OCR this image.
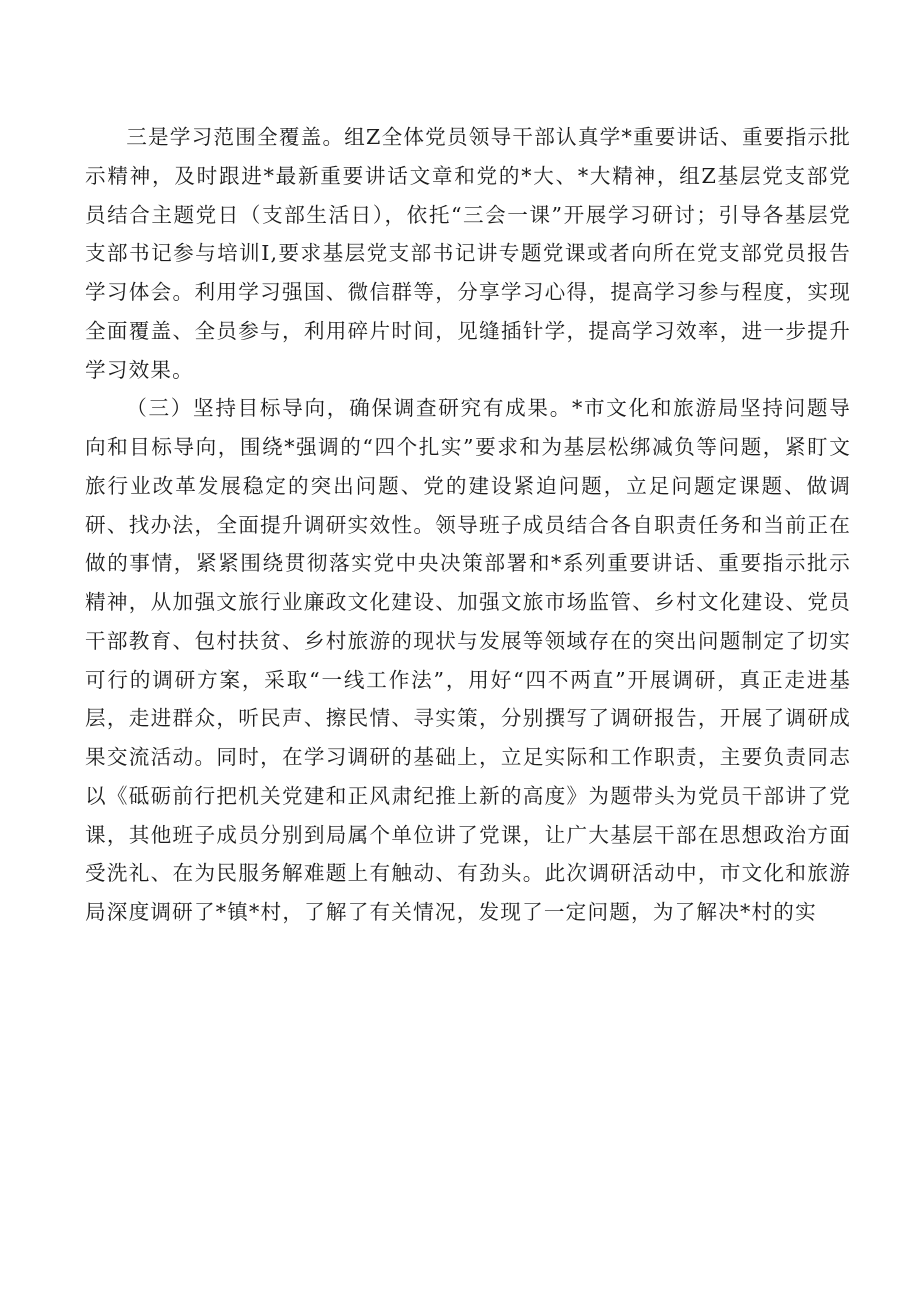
三是学习范围全覆盖。组Z全体党员领导干部认真学*重要讲话、重要指示批示精神，及时跟进*最新重要讲话文章和党的*大、*大精神，组Z基层党支部党员结合主题党日（支部生活日），依托“三会一课”开展学习研讨；引导各基层党支部书记参与培训I,要求基层党支部书记讲专题党课或者向所在党支部党员报告学习体会。利用学习强国、微信群等，分享学习心得，提高学习参与程度，实现全面覆盖、全员参与，利用碎片时间，见缝插针学，提高学习效率，进一步提升学习效果。

（三）坚持目标导向，确保调查研究有成果。*市文化和旅游局坚持问题导向和目标导向，围绕*强调的“四个扎实”要求和为基层松绑减负等问题，紧盯文旅行业改革发展稳定的突出问题、党的建设紧迫问题，立足问题定课题、做调研、找办法，全面提升调研实效性。领导班子成员结合各自职责任务和当前正在做的事情，紧紧围绕贯彻落实党中央决策部署和*系列重要讲话、重要指示批示精神，从加强文旅行业廉政文化建设、加强文旅市场监管、乡村文化建设、党员干部教育、包村扶贫、乡村旅游的现状与发展等领域存在的突出问题制定了切实可行的调研方案，采取“一线工作法”，用好“四不两直”开展调研，真正走进基层，走进群众，听民声、擦民情、寻实策，分别撰写了调研报告，开展了调研成果交流活动。同时，在学习调研的基础上，立足实际和工作职责，主要负责同志以《砥砺前行把机关党建和正风肃纪推上新的高度》为题带头为党员干部讲了党课，其他班子成员分别到局属个单位讲了党课，让广大基层干部在思想政治方面受洗礼、在为民服务解难题上有触动、有劲头。此次调研活动中，市文化和旅游局深度调研了*镇*村，了解了有关情况，发现了一定问题，为了解决*村的实
